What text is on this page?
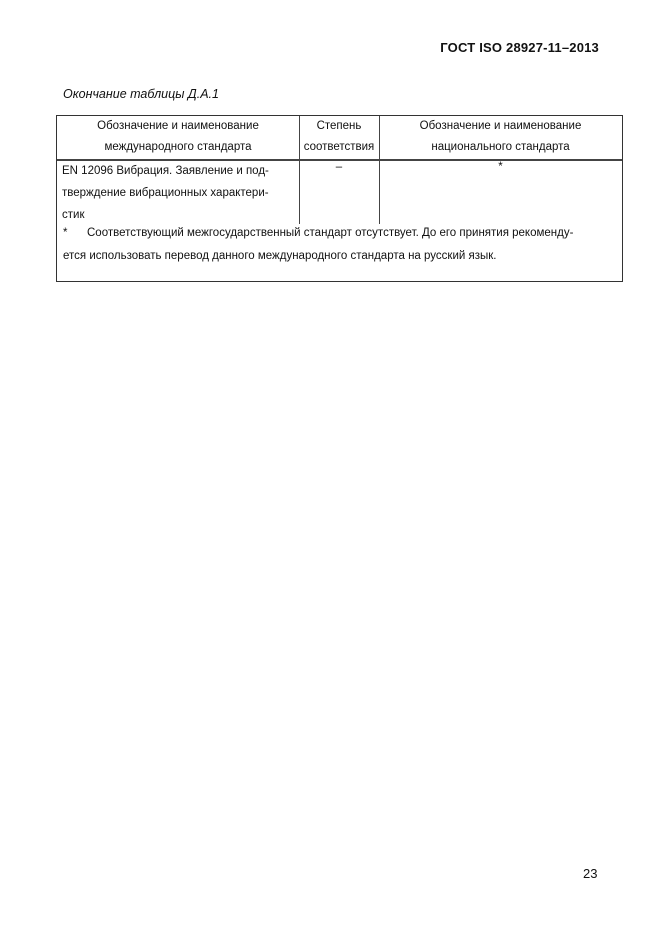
ГОСТ ISO 28927-11–2013
Окончание таблицы Д.А.1
Обозначение и наименование
международного стандарта
Степень
соответствия
Обозначение и наименование
национального стандарта
EN 12096 Вибрация. Заявление и под-
тверждение вибрационных характери-
стик
–	*
* Соответствующий межгосударственный стандарт отсутствует. До его принятия рекоменду-
ется использовать перевод данного международного стандарта на русский язык.
23
